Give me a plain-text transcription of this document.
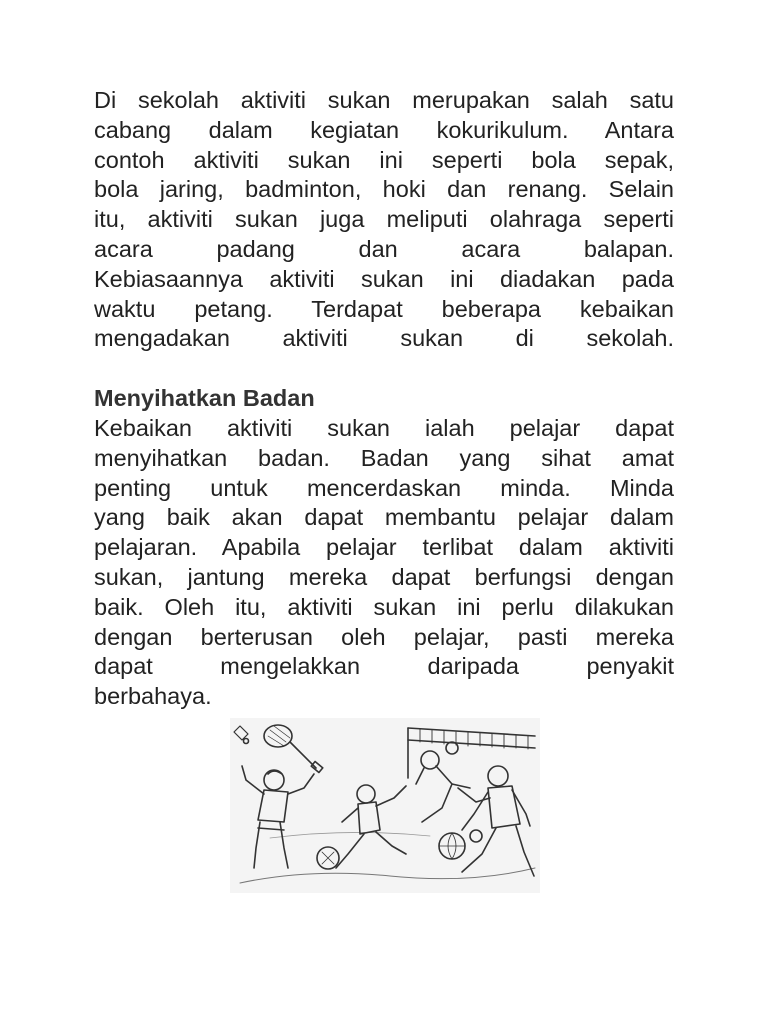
Di sekolah aktiviti sukan merupakan salah satu

cabang dalam kegiatan kokurikulum. Antara

contoh aktiviti sukan ini seperti bola sepak,

bola jaring, badminton, hoki dan renang. Selain

itu, aktiviti sukan juga meliputi olahraga seperti

acara padang dan acara balapan.

Kebiasaannya aktiviti sukan ini diadakan pada

waktu petang. Terdapat beberapa kebaikan

mengadakan aktiviti sukan di sekolah.

Menyihatkan Badan

Kebaikan aktiviti sukan ialah pelajar dapat

menyihatkan badan. Badan yang sihat amat

penting untuk mencerdaskan minda. Minda

yang baik akan dapat membantu pelajar dalam

pelajaran. Apabila pelajar terlibat dalam aktiviti

sukan, jantung mereka dapat berfungsi dengan

baik. Oleh itu, aktiviti sukan ini perlu dilakukan

dengan berterusan oleh pelajar, pasti mereka

dapat mengelakkan daripada penyakit

berbahaya.
